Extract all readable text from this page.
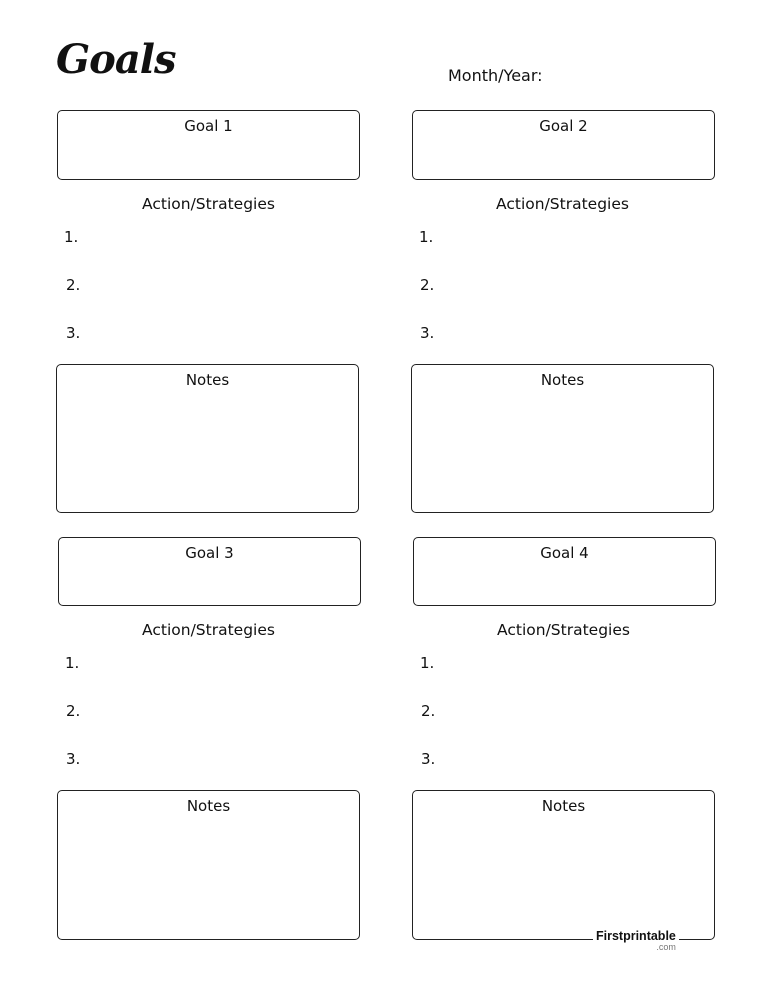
Goals	Month/Year:
Goal 1
Action/Strategies
1.
2.
3.
Notes
Goal 2
Action/Strategies
1.
2.
3.
Notes
Goal 3
Action/Strategies
1.
2.
3.
Notes
Goal 4
Action/Strategies
1.
2.
3.
Notes
Firstprintable
.com
